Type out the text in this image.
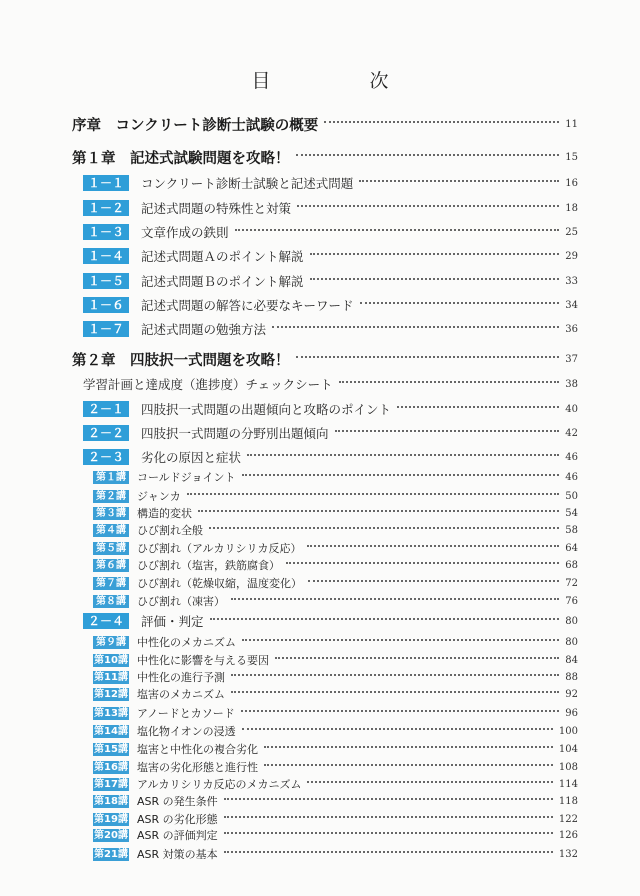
目　次
序章　コンクリート診断士試験の概要	11
第１章　記述式試験問題を攻略！	15
１－１	コンクリート診断士試験と記述式問題	16
１－２	記述式問題の特殊性と対策	18
１－３	文章作成の鉄則	25
１－４	記述式問題Ａのポイント解説	29
１－５	記述式問題Ｂのポイント解説	33
１－６	記述式問題の解答に必要なキーワード	34
１－７	記述式問題の勉強方法	36
第２章　四肢択一式問題を攻略！	37
学習計画と達成度（進捗度）チェックシート	38
２－１	四肢択一式問題の出題傾向と攻略のポイント	40
２－２	四肢択一式問題の分野別出題傾向	42
２－３	劣化の原因と症状	46
第１講 コールドジョイント	46
第２講 ジャンカ	50
第３講 構造的変状	54
第４講 ひび割れ全般	58
第５講 ひび割れ（アルカリシリカ反応）	64
第６講 ひび割れ（塩害，鉄筋腐食）	68
第７講 ひび割れ（乾燥収縮，温度変化）	72
第８講 ひび割れ（凍害）	76
２－４	評価・判定	80
第９講 中性化のメカニズム	80
第10講 中性化に影響を与える要因	84
第11講 中性化の進行予測	88
第12講 塩害のメカニズム	92
第13講 アノードとカソード	96
第14講 塩化物イオンの浸透	100
第15講 塩害と中性化の複合劣化	104
第16講 塩害の劣化形態と進行性	108
第17講 アルカリシリカ反応のメカニズム	114
第18講 ASR の発生条件	118
第19講 ASR の劣化形態	122
第20講 ASR の評価判定	126
第21講 ASR 対策の基本	132
